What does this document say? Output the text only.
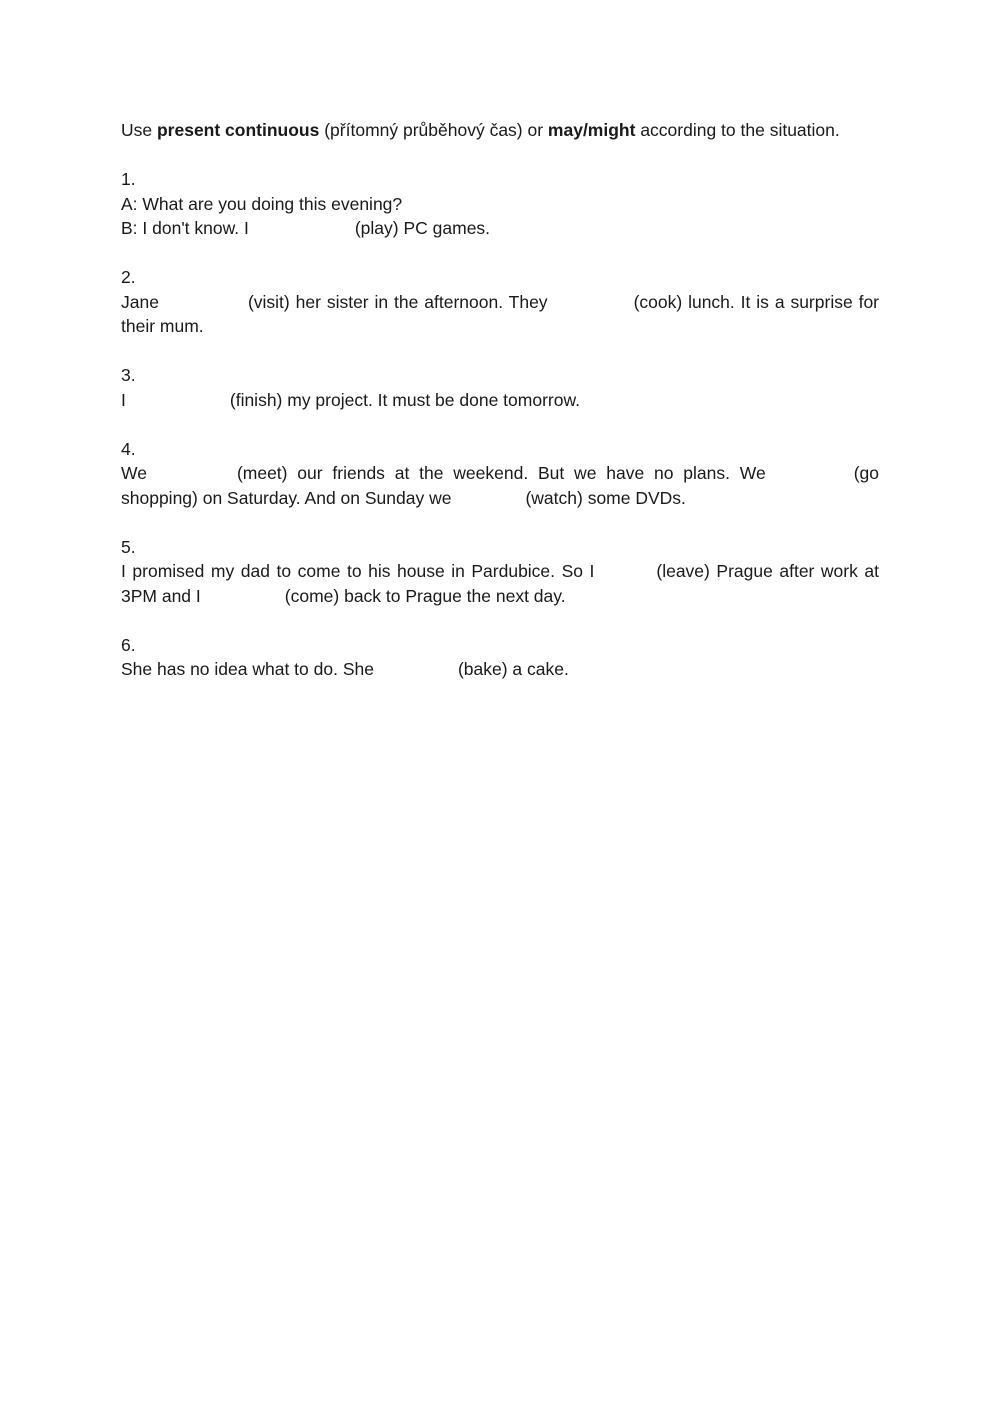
Use present continuous (přítomný průběhový čas) or may/might according to the situation.

1.

A: What are you doing this evening?

B: I don't know. I	(play) PC games.

2.

Jane	(visit) her sister in the afternoon. They	(cook) lunch. It is a surprise for their mum.

3.

I	(finish) my project. It must be done tomorrow.

4.

We	(meet) our friends at the weekend. But we have no plans. We	(go shopping) on Saturday. And on Sunday we	(watch) some DVDs.

5.

I promised my dad to come to his house in Pardubice. So I	(leave) Prague after work at 3PM and I	(come) back to Prague the next day.

6.

She has no idea what to do. She	(bake) a cake.
